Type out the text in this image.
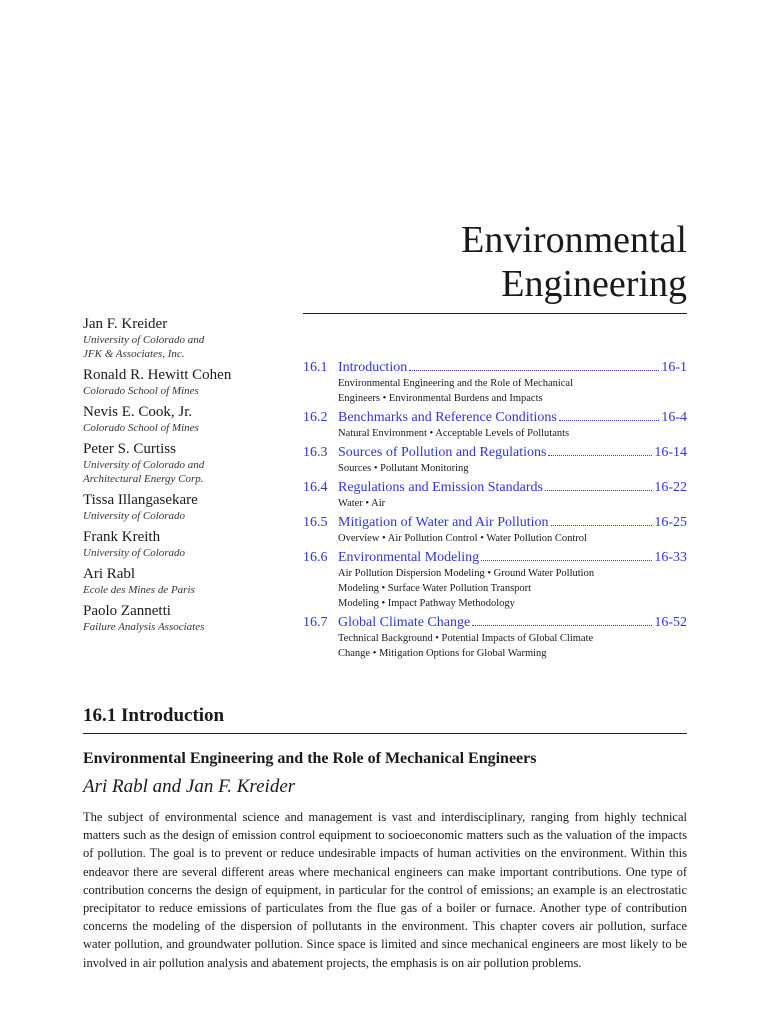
Environmental
Engineering
Jan F. Kreider
University of Colorado and
JFK & Associates, Inc.
Ronald R. Hewitt Cohen
Colorado School of Mines
Nevis E. Cook, Jr.
Colorado School of Mines
Peter S. Curtiss
University of Colorado and
Architectural Energy Corp.
Tissa Illangasekare
University of Colorado
Frank Kreith
University of Colorado
Ari Rabl
Ecole des Mines de Paris
Paolo Zannetti
Failure Analysis Associates
16.1 Introduction	16-1
Environmental Engineering and the Role of Mechanical
Engineers • Environmental Burdens and Impacts
16.2 Benchmarks and Reference Conditions	16-4
Natural Environment • Acceptable Levels of Pollutants
16.3 Sources of Pollution and Regulations	16-14
Sources • Pollutant Monitoring
16.4 Regulations and Emission Standards	16-22
Water • Air
16.5 Mitigation of Water and Air Pollution	16-25
Overview • Air Pollution Control • Water Pollution Control
16.6 Environmental Modeling	16-33
Air Pollution Dispersion Modeling • Ground Water Pollution
Modeling • Surface Water Pollution Transport
Modeling • Impact Pathway Methodology
16.7 Global Climate Change	16-52
Technical Background • Potential Impacts of Global Climate
Change • Mitigation Options for Global Warming
16.1 Introduction
Environmental Engineering and the Role of Mechanical Engineers
Ari Rabl and Jan F. Kreider
The subject of environmental science and management is vast and interdisciplinary, ranging from highly technical matters such as the design of emission control equipment to socioeconomic matters such as the valuation of the impacts of pollution. The goal is to prevent or reduce undesirable impacts of human activities on the environment. Within this endeavor there are several different areas where mechanical engineers can make important contributions. One type of contribution concerns the design of equipment, in particular for the control of emissions; an example is an electrostatic precipitator to reduce emissions of particulates from the flue gas of a boiler or furnace. Another type of contribution concerns the modeling of the dispersion of pollutants in the environment. This chapter covers air pollution, surface water pollution, and groundwater pollution. Since space is limited and since mechanical engineers are most likely to be involved in air pollution analysis and abatement projects, the emphasis is on air pollution problems.
